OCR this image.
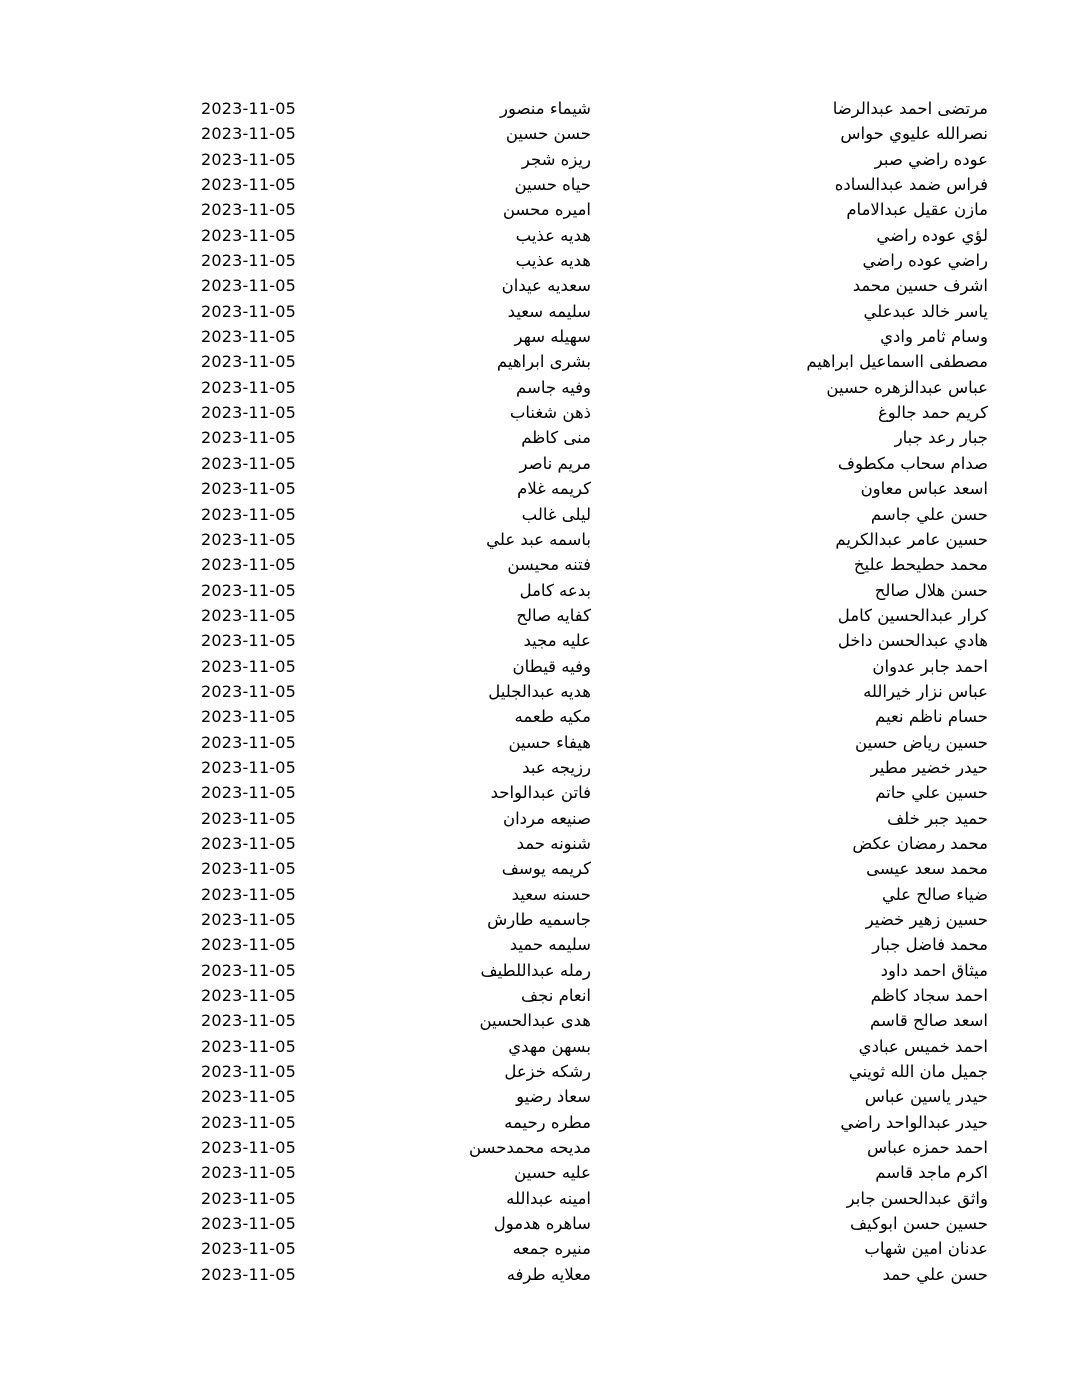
مرتضى احمد عبدالرضا
شيماء منصور
2023-11-05
نصرالله عليوي حواس
حسن حسين
2023-11-05
عوده راضي صبر
ريزه شجر
2023-11-05
فراس ضمد عبدالساده
حياه حسين
2023-11-05
مازن عقيل عبدالامام
اميره محسن
2023-11-05
لؤي عوده راضي
هديه عذيب
2023-11-05
راضي عوده راضي
هديه عذيب
2023-11-05
اشرف حسين محمد
سعديه عيدان
2023-11-05
ياسر خالد عبدعلي
سليمه سعيد
2023-11-05
وسام ثامر وادي
سهيله سهر
2023-11-05
مصطفى ااسماعيل ابراهيم
بشرى ابراهيم
2023-11-05
عباس عبدالزهره حسين
وفيه جاسم
2023-11-05
كريم حمد جالوغ
ذهن شغناب
2023-11-05
جبار رعد جبار
منى كاظم
2023-11-05
صدام سحاب مكطوف
مريم ناصر
2023-11-05
اسعد عباس معاون
كريمه غلام
2023-11-05
حسن علي جاسم
ليلى غالب
2023-11-05
حسين عامر عبدالكريم
باسمه عبد علي
2023-11-05
محمد حطيحط عليخ
فتنه محيسن
2023-11-05
حسن هلال صالح
بدعه كامل
2023-11-05
كرار عبدالحسين كامل
كفايه صالح
2023-11-05
هادي عبدالحسن داخل
عليه مجيد
2023-11-05
احمد جابر عدوان
وفيه قيطان
2023-11-05
عباس نزار خيرالله
هديه عبدالجليل
2023-11-05
حسام ناظم نعيم
مكيه طعمه
2023-11-05
حسين رياض حسين
هيفاء حسين
2023-11-05
حيدر خضير مطير
رزيجه عبد
2023-11-05
حسين علي حاتم
فاتن عبدالواحد
2023-11-05
حميد جبر خلف
صنيعه مردان
2023-11-05
محمد رمضان عكض
شنونه حمد
2023-11-05
محمد سعد عيسى
كريمه يوسف
2023-11-05
ضياء صالح علي
حسنه سعيد
2023-11-05
حسين زهير خضير
جاسميه طارش
2023-11-05
محمد فاضل جبار
سليمه حميد
2023-11-05
ميثاق احمد داود
رمله عبداللطيف
2023-11-05
احمد سجاد كاظم
انعام نجف
2023-11-05
اسعد صالح قاسم
هدى عبدالحسين
2023-11-05
احمد خميس عبادي
بسهن مهدي
2023-11-05
جميل مان الله ثويني
رشكه خزعل
2023-11-05
حيدر ياسين عباس
سعاد رضيو
2023-11-05
حيدر عبدالواحد راضي
مطره رحيمه
2023-11-05
احمد حمزه عباس
مديحه محمدحسن
2023-11-05
اكرم ماجد قاسم
عليه حسين
2023-11-05
واثق عبدالحسن جابر
امينه عبدالله
2023-11-05
حسين حسن ابوكيف
ساهره هدمول
2023-11-05
عدنان امين شهاب
منيره جمعه
2023-11-05
حسن علي حمد
معلايه طرفه
2023-11-05
